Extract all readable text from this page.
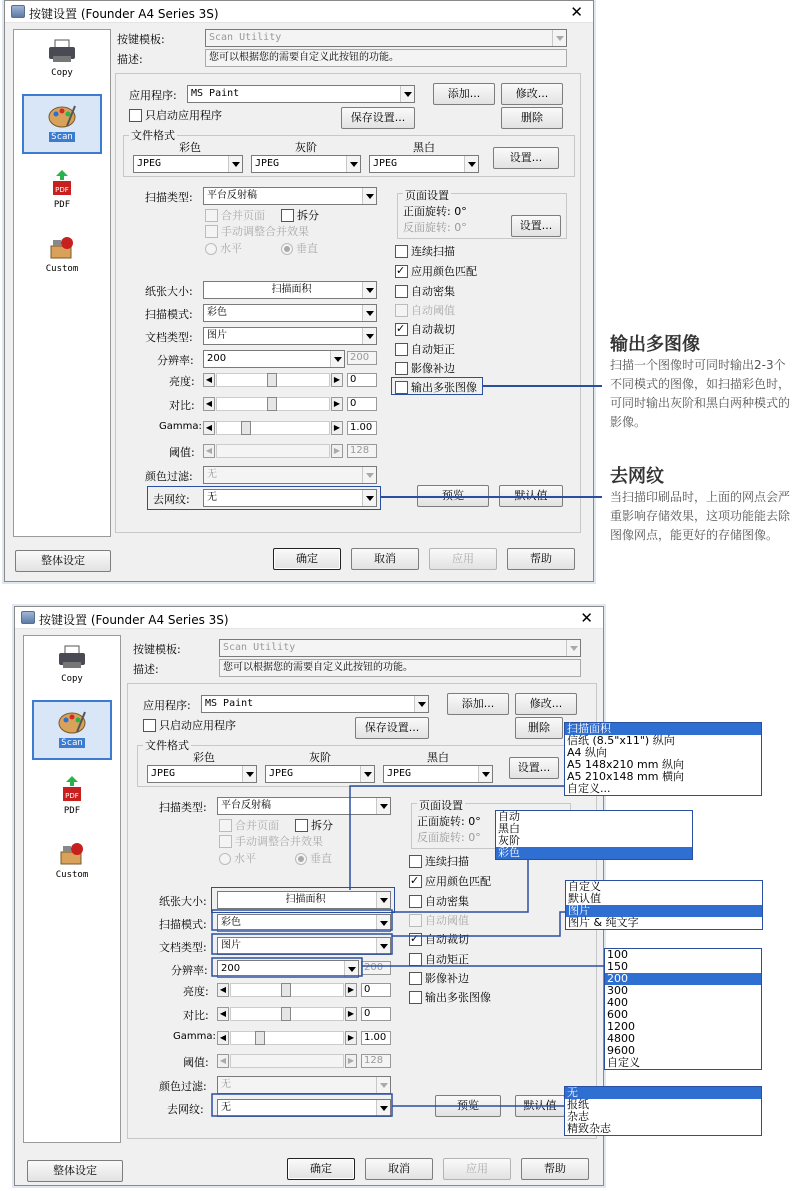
按键设置 (Founder A4 Series 3S)	✕
Copy
Scan
PDF
PDF
Custom
按键模板:	Scan Utility
描述:	您可以根据您的需要自定义此按钮的功能。
应用程序:	MS Paint	添加...	修改...
只启动应用程序	保存设置...	删除
文件格式
彩色	灰阶	黑白
JPEG	JPEG	JPEG	设置...
扫描类型:	平台反射稿
合并页面	拆分
手动调整合并效果
水平	垂直
页面设置
正面旋转: 0°
反面旋转: 0°	设置...
连续扫描
应用颜色匹配 ✓
自动密集
自动阈值
自动裁切 ✓
自动矩正
影像补边
输出多张图像
纸张大小:	扫描面积
扫描模式:	彩色
文档类型:	图片
分辨率:	200	200
亮度:	◀	▶ 0
对比:	◀	▶ 0
Gamma: ◀	▶ 1.00
阈值:	◀	▶ 128
颜色过滤:	无
去网纹:	无
整体设定	确定	取消	应用	帮助
输出多图像

扫描一个图像时可同时输出2-3个不同模式的图像，如扫描彩色时，可同时输出灰阶和黑白两种模式的影像。

去网纹

当扫描印刷品时，上面的网点会严重影响存储效果，这项功能能去除图像网点，能更好的存储图像。

按键设置 (Founder A4 Series 3S)	✕
Copy
Scan
PDF
PDF
Custom
按键模板:	Scan Utility
描述:	您可以根据您的需要自定义此按钮的功能。
应用程序:	MS Paint	添加...	修改...
只启动应用程序	保存设置...	删除
文件格式
彩色	灰阶	黑白
JPEG	JPEG	JPEG	设置...
扫描类型:	平台反射稿
合并页面	拆分
手动调整合并效果
水平	垂直
页面设置
正面旋转: 0°
反面旋转: 0°
连续扫描
应用颜色匹配 ✓
自动密集
自动阈值
自动裁切 ✓
自动矩正
影像补边
输出多张图像
纸张大小:	扫描面积
扫描模式:	彩色
文档类型:	图片
分辨率:	200	200
亮度:	◀	▶ 0
对比:	◀	▶ 0
Gamma: ◀	▶ 1.00
阈值:	◀	▶ 128
颜色过滤:	无
去网纹:	无	预览	默认值
整体设定	确定	取消	应用	帮助
扫描面积
信纸 (8.5"x11") 纵向
A4 纵向
A5 148x210 mm 纵向
A5 210x148 mm 横向
自定义...
自动
黑白
灰阶
彩色
自定义
默认值
图片
图片 & 纯文字
100
150
200
300
400
600
1200
4800
9600
自定义
无
报纸
杂志
精致杂志
